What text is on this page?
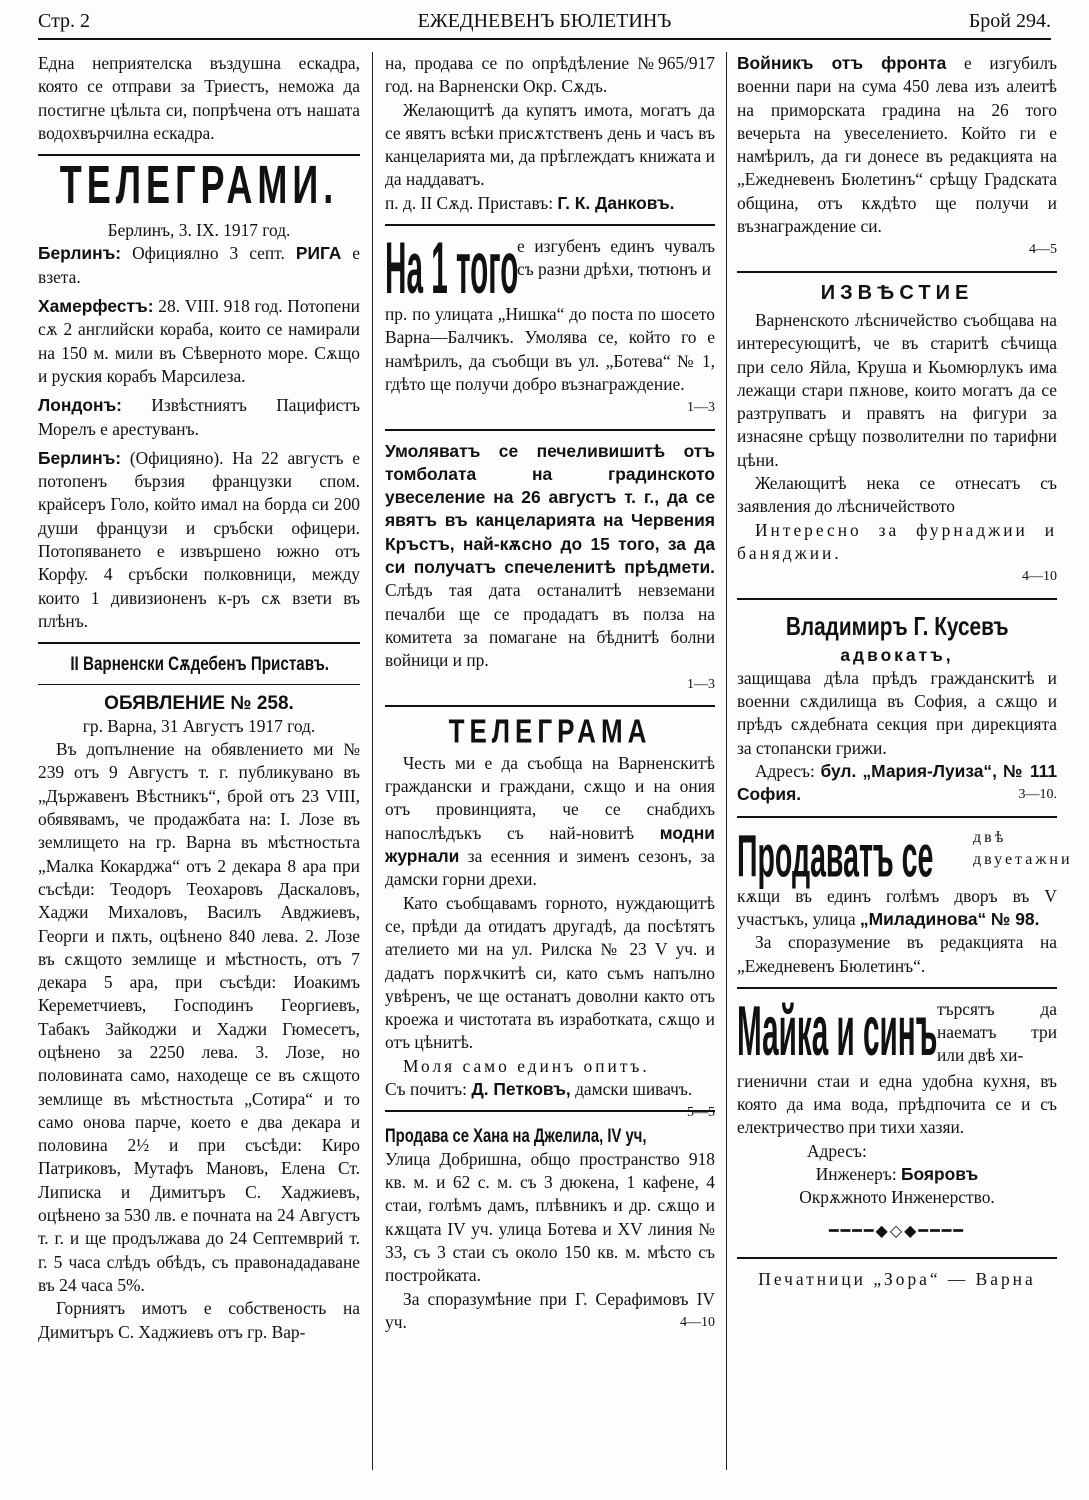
Стр. 2	ЕЖЕДНЕВЕНЪ БЮЛЕТИНЪ	Брой 294.

Една неприятелска въздушна ескадра, която се отправи за Триестъ, неможа да постигне цѣльта си, попрѣчена отъ нашата водохвърчилна ескадра.

ТЕЛЕГРАМИ.

Берлинъ, 3. IX. 1917 год.

Берлинъ: Официялно 3 септ. РИГА е взета.

Хамерфестъ: 28. VIII. 918 год. Потопени сѫ 2 английски кораба, които се намирали на 150 м. мили въ Сѣверното море. Сѫщо и руския корабъ Марсилеза.

Лондонъ: Извѣстниятъ Пацифистъ Морелъ е арестуванъ.

Берлинъ: (Официяно). На 22 августъ е потопенъ бързия французки спом. крайсеръ Голо, който имал на борда си 200 души французи и сръбски офицери. Потопяването е извършено южно отъ Корфу. 4 сръбски полковници, между които 1 дивизионенъ к-ръ сѫ взети въ плѣнъ.

II Варненски Сѫдебенъ Приставъ.

ОБЯВЛЕНИЕ № 258.

гр. Варна, 31 Августъ 1917 год.

Въ допълнение на обявлението ми № 239 отъ 9 Августъ т. г. публикувано въ „Държавенъ Вѣстникъ“, брой отъ 23 VIII, обявявамъ, че продажбата на: I. Лозе въ землището на гр. Варна въ мѣстностьта „Малка Кокарджа“ отъ 2 декара 8 ара при съсѣди: Теодоръ Теохаровъ Даскаловъ, Хаджи Михаловъ, Василъ Авджиевъ, Георги и пѫть, оцѣнено 840 лева. 2. Лозе въ сѫщото землище и мѣстность, отъ 7 декара 5 ара, при съсѣди: Иоакимъ Кереметчиевъ, Господинъ Георгиевъ, Табакъ Зайкоджи и Хаджи Гюмесетъ, оцѣнено за 2250 лева. 3. Лозе, но половината само, находеще се въ сѫщото землище въ мѣстностьта „Сотира“ и то само онова парче, което е два декара и половина 2½ и при съсѣди: Киро Патриковъ, Мутафъ Мановъ, Елена Ст. Липиска и Димитъръ С. Хаджиевъ, оцѣнено за 530 лв. е почната на 24 Августъ т. г. и ще продължава до 24 Септемврий т. г. 5 часа слѣдъ обѣдъ, съ правонададаване въ 24 часа 5%.

Горниятъ имотъ е собственость на Димитъръ С. Хаджиевъ отъ гр. Вар-

на, продава се по опрѣдѣление №965/917 год. на Варненски Окр. Сѫдъ.

Желающитѣ да купятъ имота, могатъ да се явятъ всѣки присѫтственъ день и часъ въ канцеларията ми, да прѣглеждатъ книжата и да наддаватъ.

п. д. II Сѫд. Приставъ: Г. К. Данковъ.

На 1 того

е изгубенъ единъ чувалъ съ разни дрѣхи, тютюнъ и

пр. по улицата „Нишка“ до поста по шосето Варна—Балчикъ. Умолява се, който го е намѣрилъ, да съобщи въ ул. „Ботева“ № 1, гдѣто ще получи добро възнаграждение.

1—3

Умоляватъ се печеливишитѣ отъ томболата на градинското увеселение на 26 августъ т. г., да се явятъ въ канцеларията на Червения Кръстъ, най-кѫсно до 15 того, за да си получатъ спечеленитѣ прѣдмети. Слѣдъ тая дата останалитѣ невземани печалби ще се продадатъ въ полза на комитета за помагане на бѣднитѣ болни войници и пр.

1—3

ТЕЛЕГРАМА

Честь ми е да съобща на Варненскитѣ граждански и граждани, сѫщо и на ония отъ провинцията, че се снабдихъ напослѣдъкъ съ най-новитѣ модни журнали за есенния и зименъ сезонъ, за дамски горни дрехи.

Като съобщавамъ горното, нуждающитѣ се, прѣди да отидатъ другадѣ, да посѣтятъ ателието ми на ул. Рилска № 23 V уч. и дадатъ порѫчкитѣ си, като съмъ напълно увѣренъ, че ще останатъ доволни както отъ кроежа и чистотата въ изработката, сѫщо и отъ цѣнитѣ.

Моля само единъ опитъ.

Съ почитъ: Д. Петковъ, дамски шивачъ.
5—5

Продава се Хана на Джелила, IV уч,

Улица Добришна, общо пространство 918 кв. м. и 62 с. м. съ 3 дюкена, 1 кафене, 4 стаи, голѣмъ дамъ, плѣвникъ и др. сѫщо и кѫщата IV уч. улица Ботева и XV линия № 33, съ 3 стаи съ около 150 кв. м. мѣсто съ постройката.

За споразумѣние при Г. Серафимовъ IV уч.	4—10

Войникъ отъ фронта е изгубилъ военни пари на сума 450 лева изъ алеитѣ на приморската градина на 26 того вечерьта на увеселението. Който ги е намѣрилъ, да ги донесе въ редакцията на „Ежедневенъ Бюлетинъ“ срѣщу Градската община, отъ кѫдѣто ще получи и възнаграждение си.

4—5

ИЗВѢСТИЕ

Варненското лѣсничейство съобщава на интересующитѣ, че въ старитѣ сѣчища при село Яйла, Круша и Кьомюрлукъ има лежащи стари пѫнове, които могатъ да се разтрупватъ и правятъ на фигури за изнасяне срѣщу позволителни по тарифни цѣни.

Желающитѣ нека се отнесатъ съ заявления до лѣсничейството

Интересно за фурнаджии и баняджии.

4—10

Владимиръ Г. Кусевъ

адвокатъ,

защищава дѣла прѣдъ гражданскитѣ и военни сѫдилища въ София, а сѫщо и прѣдъ сѫдебната секция при дирекцията за стопански грижи.

Адресъ: бул. „Мария-Луиза“, № 111 София.	3—10.

Продаватъ се двѣ двуетажни

кѫщи въ единъ голѣмъ дворъ въ V участъкъ, улица „Миладинова“ № 98.

За споразумение въ редакцията на „Ежедневенъ Бюлетинъ“.

Майка и синъ търсятъ да наематъ три или двѣ хи-

гиенични стаи и една удобна кухня, въ която да има вода, прѣдпочита се и съ електричество при тихи хазяи.

Адресъ:

Инженеръ: Бояровъ

Окрѫжното Инженерство.

━━━━◆◇◆━━━━

Печатници „Зора“ — Варна
